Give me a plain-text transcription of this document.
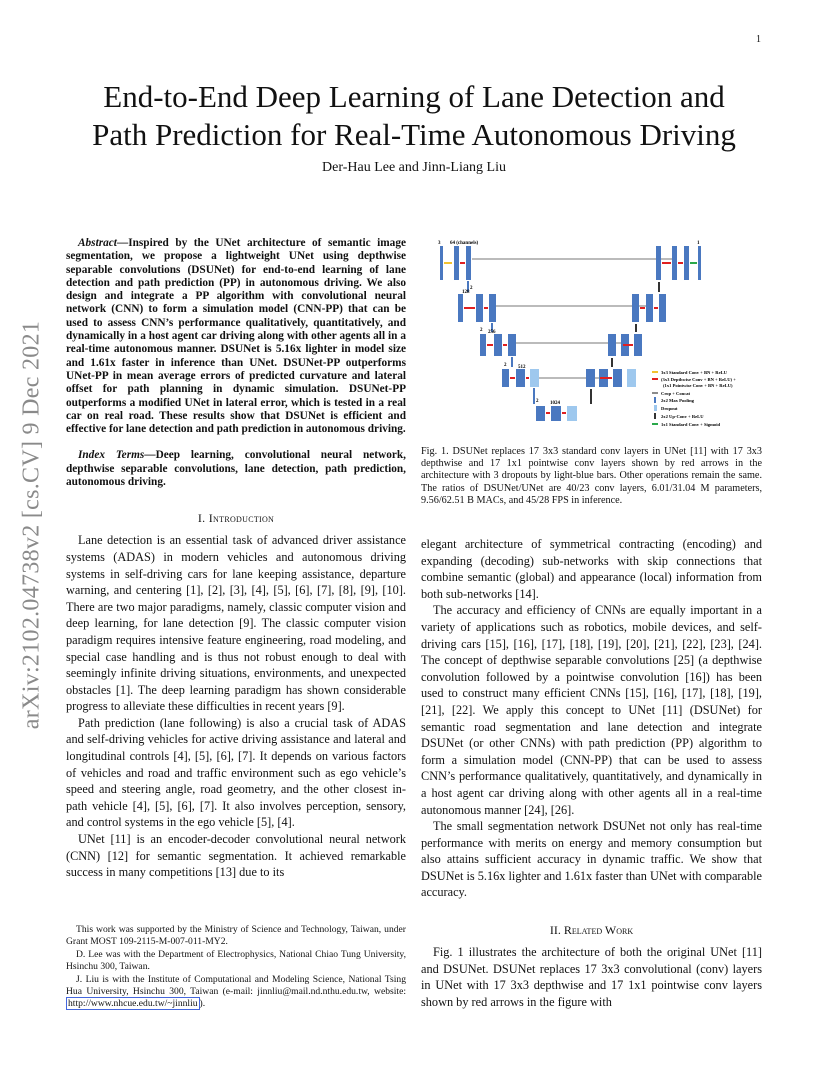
1
arXiv:2102.04738v2 [cs.CV] 9 Dec 2021
End-to-End Deep Learning of Lane Detection and
Path Prediction for Real-Time Autonomous Driving
Der-Hau Lee and Jinn-Liang Liu

Abstract—Inspired by the UNet architecture of semantic image segmentation, we propose a lightweight UNet using depthwise separable convolutions (DSUNet) for end-to-end learning of lane detection and path prediction (PP) in autonomous driving. We also design and integrate a PP algorithm with convolutional neural network (CNN) to form a simulation model (CNN-PP) that can be used to assess CNN’s performance qualitatively, quantitatively, and dynamically in a host agent car driving along with other agents all in a real-time autonomous manner. DSUNet is 5.16x lighter in model size and 1.61x faster in inference than UNet. DSUNet-PP outperforms UNet-PP in mean average errors of predicted curvature and lateral offset for path planning in dynamic simulation. DSUNet-PP outperforms a modified UNet in lateral error, which is tested in a real car on real road. These results show that DSUNet is efficient and effective for lane detection and path prediction in autonomous driving.

Index Terms—Deep learning, convolutional neural network, depthwise separable convolutions, lane detection, path prediction, autonomous driving.

I. Introduction

Lane detection is an essential task of advanced driver assistance systems (ADAS) in modern vehicles and autonomous driving systems in self-driving cars for lane keeping assistance, departure warning, and centering [1], [2], [3], [4], [5], [6], [7], [8], [9], [10]. There are two major paradigms, namely, classic computer vision and deep learning, for lane detection [9]. The classic computer vision paradigm requires intensive feature engineering, road modeling, and special case handling and is thus not robust enough to deal with seemingly infinite driving situations, environments, and unexpected obstacles [1]. The deep learning paradigm has shown considerable progress to alleviate these difficulties in recent years [9].

Path prediction (lane following) is also a crucial task of ADAS and self-driving vehicles for active driving assistance and lateral and longitudinal controls [4], [5], [6], [7]. It depends on various factors of vehicles and road and traffic environment such as ego vehicle’s speed and steering angle, road geometry, and the other closest in-path vehicle [4], [5], [6], [7]. It also involves perception, sensory, and control systems in the ego vehicle [5], [4].

UNet [11] is an encoder-decoder convolutional neural network (CNN) [12] for semantic segmentation. It achieved remarkable success in many competitions [13] due to its

This work was supported by the Ministry of Science and Technology, Taiwan, under Grant MOST 109-2115-M-007-011-MY2.

D. Lee was with the Department of Electrophysics, National Chiao Tung University, Hsinchu 300, Taiwan.

J. Liu is with the Institute of Computational and Modeling Science, National Tsing Hua University, Hsinchu 300, Taiwan (e-mail: jinnliu@mail.nd.nthu.edu.tw, website: http://www.nhcue.edu.tw/~jinnliu ).

3 64 (channels)	1
128
256
512
1024
2
2
2
2
3x3 Standard Conv + BN + ReLU
(3x3 Depthwise Conv + BN + ReLU) +
(1x1 Pointwise Conv + BN + ReLU)
Crop + Concat
2x2 Max Pooling
Dropout
2x2 Up-Conv + ReLU
1x1 Standard Conv + Sigmoid
Fig. 1. DSUNet replaces 17 3x3 standard conv layers in UNet [11] with 17 3x3 depthwise and 17 1x1 pointwise conv layers shown by red arrows in the architecture with 3 dropouts by light-blue bars. Other operations remain the same. The ratios of DSUNet/UNet are 40/23 conv layers, 6.01/31.04 M parameters, 9.56/62.51 B MACs, and 45/28 FPS in inference.

elegant architecture of symmetrical contracting (encoding) and expanding (decoding) sub-networks with skip connections that combine semantic (global) and appearance (local) information from both sub-networks [14].

The accuracy and efficiency of CNNs are equally important in a variety of applications such as robotics, mobile devices, and self-driving cars [15], [16], [17], [18], [19], [20], [21], [22], [23], [24]. The concept of depthwise separable convolutions [25] (a depthwise convolution followed by a pointwise convolution [16]) has been used to construct many efficient CNNs [15], [16], [17], [18], [19], [21], [22]. We apply this concept to UNet [11] (DSUNet) for semantic road segmentation and lane detection and integrate DSUNet (or other CNNs) with path prediction (PP) algorithm to form a simulation model (CNN-PP) that can be used to assess CNN’s performance qualitatively, quantitatively, and dynamically in a host agent car driving along with other agents all in a real-time autonomous manner [24], [26].

The small segmentation network DSUNet not only has real-time performance with merits on energy and memory consumption but also attains sufficient accuracy in dynamic traffic. We show that DSUNet is 5.16x lighter and 1.61x faster than UNet with comparable accuracy.

II. Related Work

Fig. 1 illustrates the architecture of both the original UNet [11] and DSUNet. DSUNet replaces 17 3x3 convolutional (conv) layers in UNet with 17 3x3 depthwise and 17 1x1 pointwise conv layers shown by red arrows in the figure with
